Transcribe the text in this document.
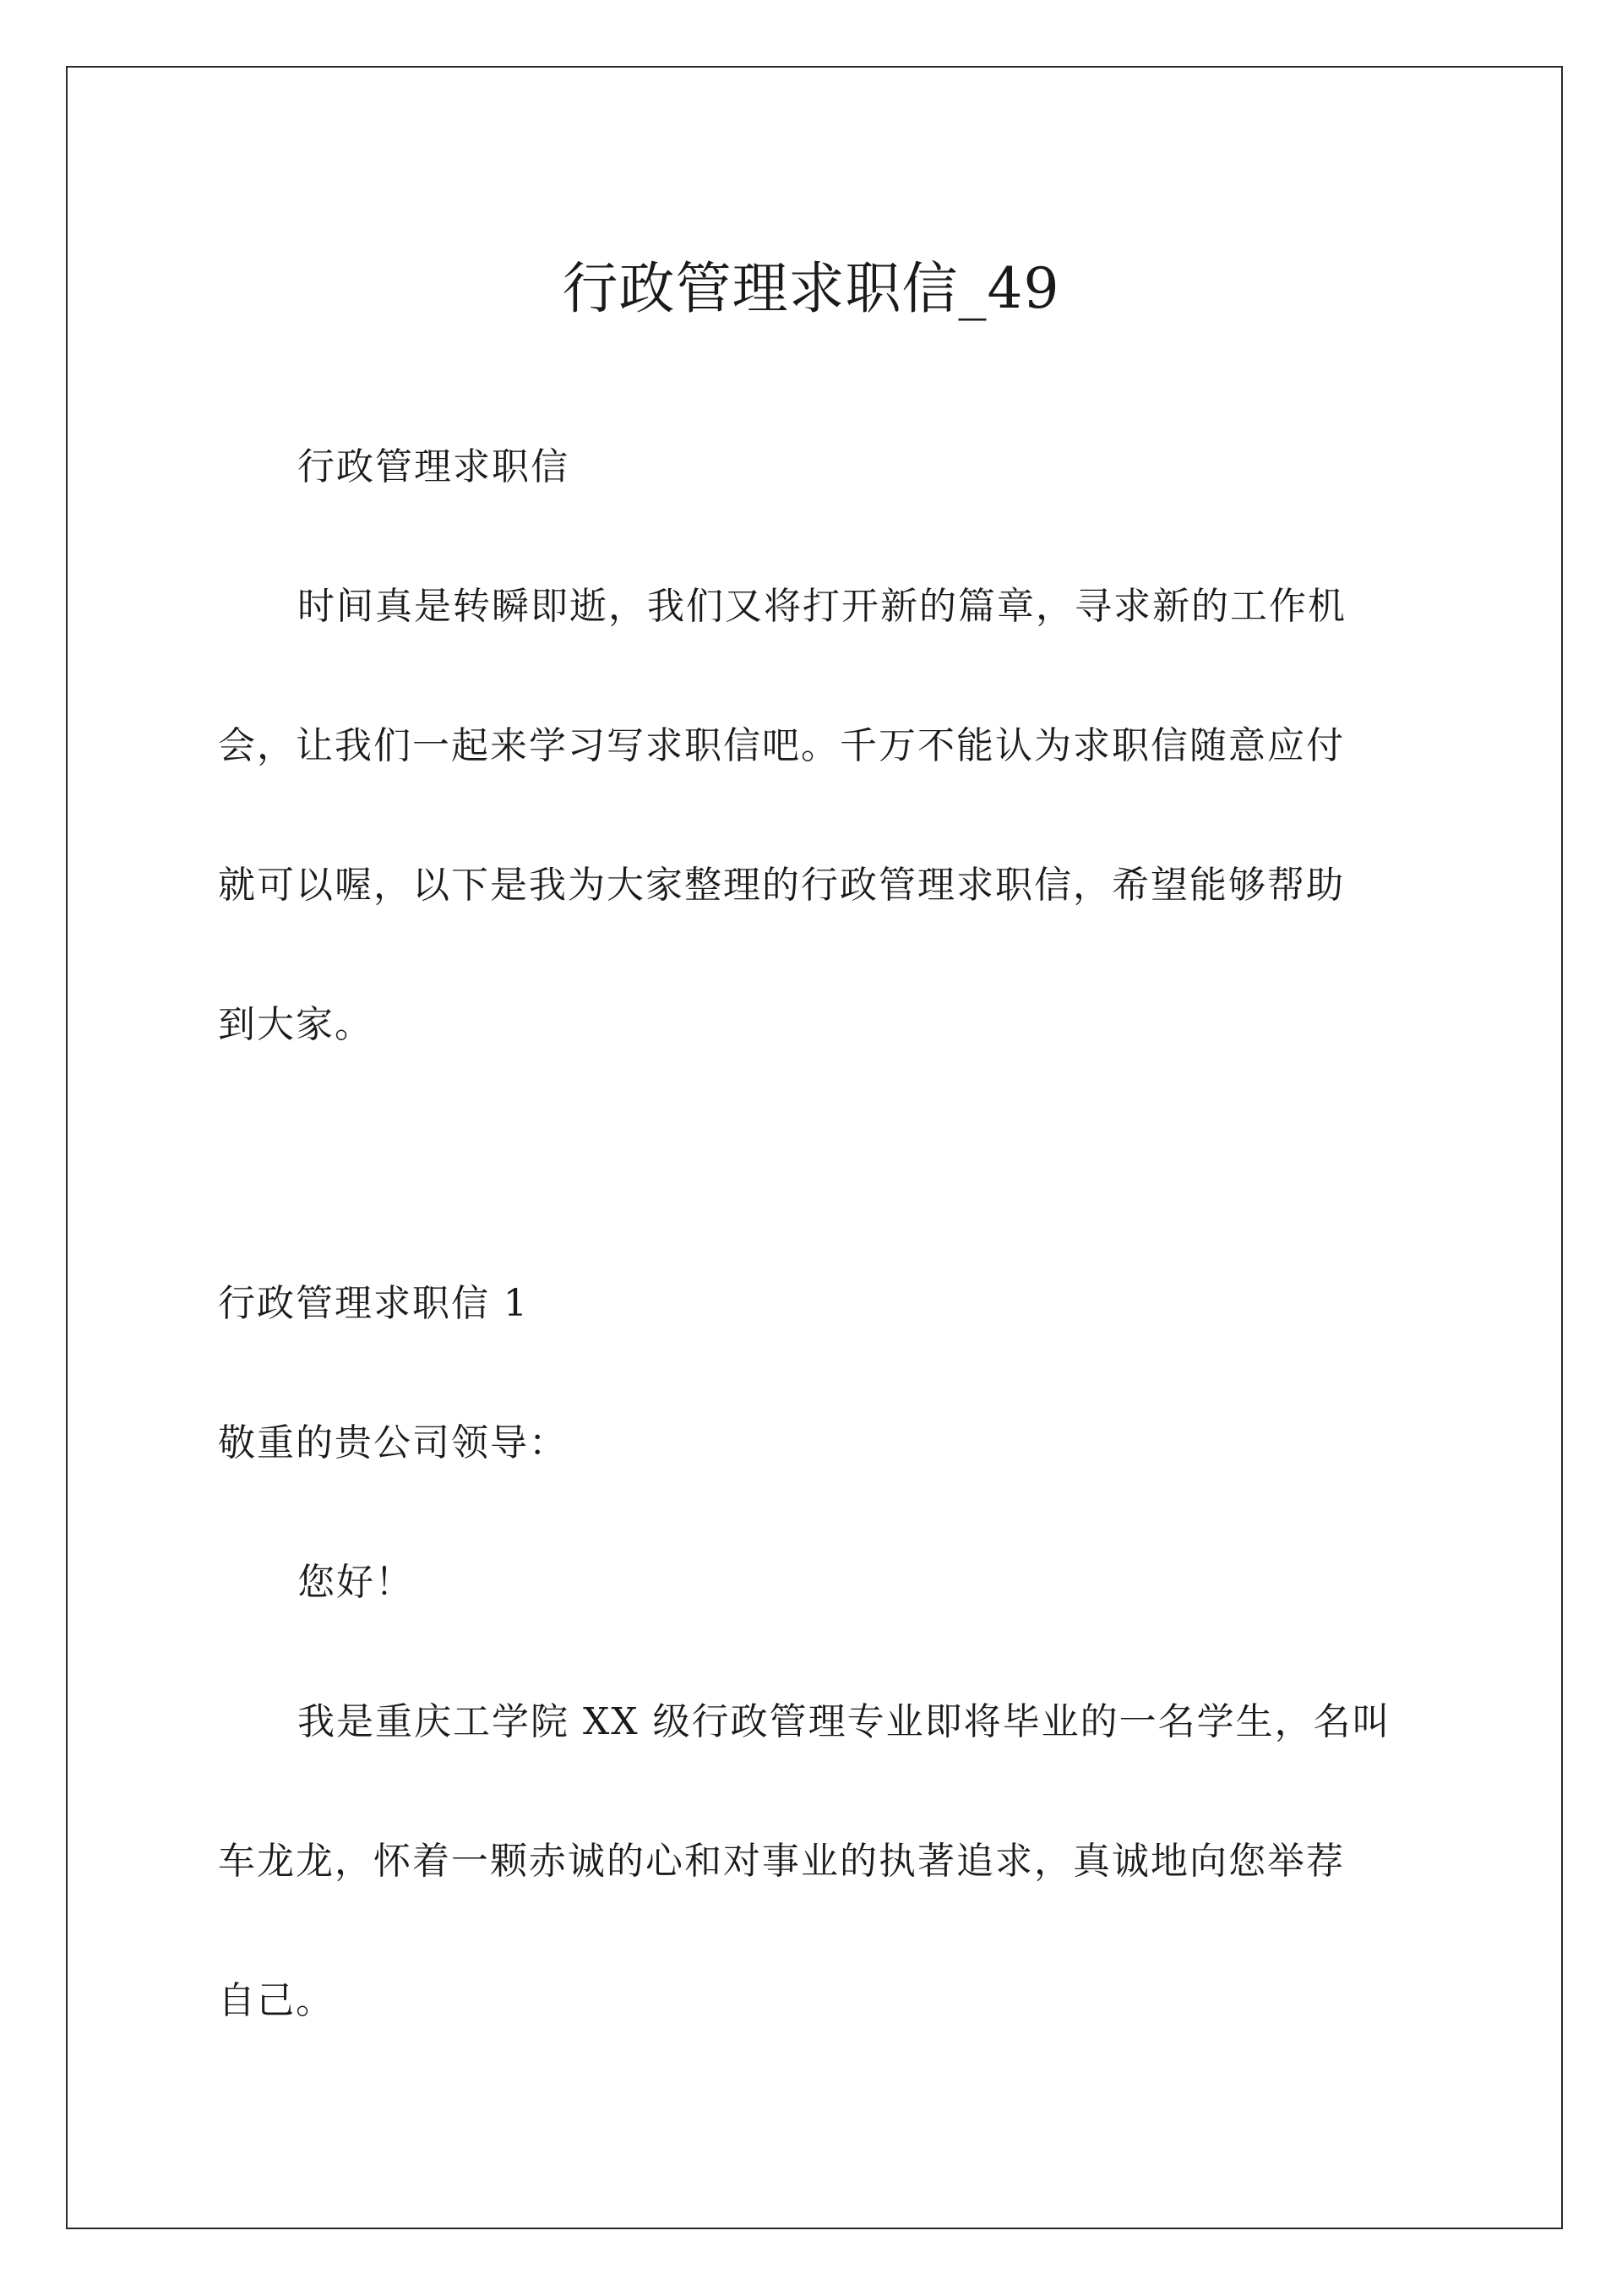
行政管理求职信_49

行政管理求职信

时间真是转瞬即逝，我们又将打开新的篇章，寻求新的工作机
会，让我们一起来学习写求职信吧。千万不能认为求职信随意应付
就可以喔，以下是我为大家整理的行政管理求职信，希望能够帮助
到大家。

行政管理求职信 1

敬重的贵公司领导：

您好！

我是重庆工学院 XX 级行政管理专业即将毕业的一名学生，名叫
车龙龙，怀着一颗赤诚的心和对事业的执著追求，真诚地向您举荐
自己。
